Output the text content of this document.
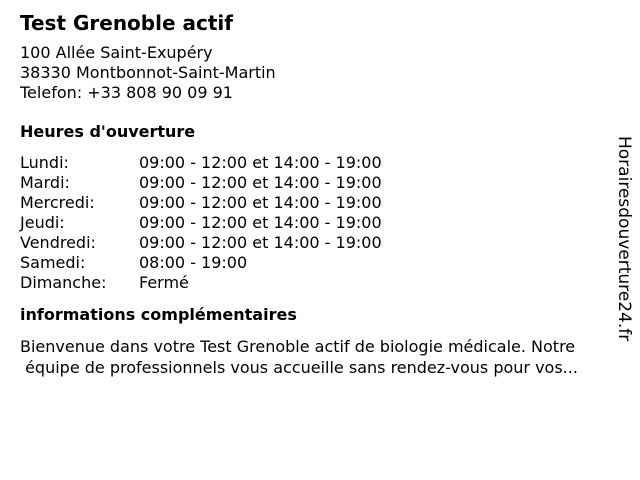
Test Grenoble actif
100 Allée Saint-Exupéry
38330 Montbonnot-Saint-Martin
Telefon: +33 808 90 09 91
Heures d'ouverture
Lundi:	09:00 - 12:00 et 14:00 - 19:00
Mardi:	09:00 - 12:00 et 14:00 - 19:00
Mercredi:	09:00 - 12:00 et 14:00 - 19:00
Jeudi:	09:00 - 12:00 et 14:00 - 19:00
Vendredi:	09:00 - 12:00 et 14:00 - 19:00
Samedi:	08:00 - 19:00
Dimanche:	Fermé
informations complémentaires
Bienvenue dans votre Test Grenoble actif de biologie médicale. Notre
équipe de professionnels vous accueille sans rendez-vous pour vos...
Horairesdouverture24.fr
